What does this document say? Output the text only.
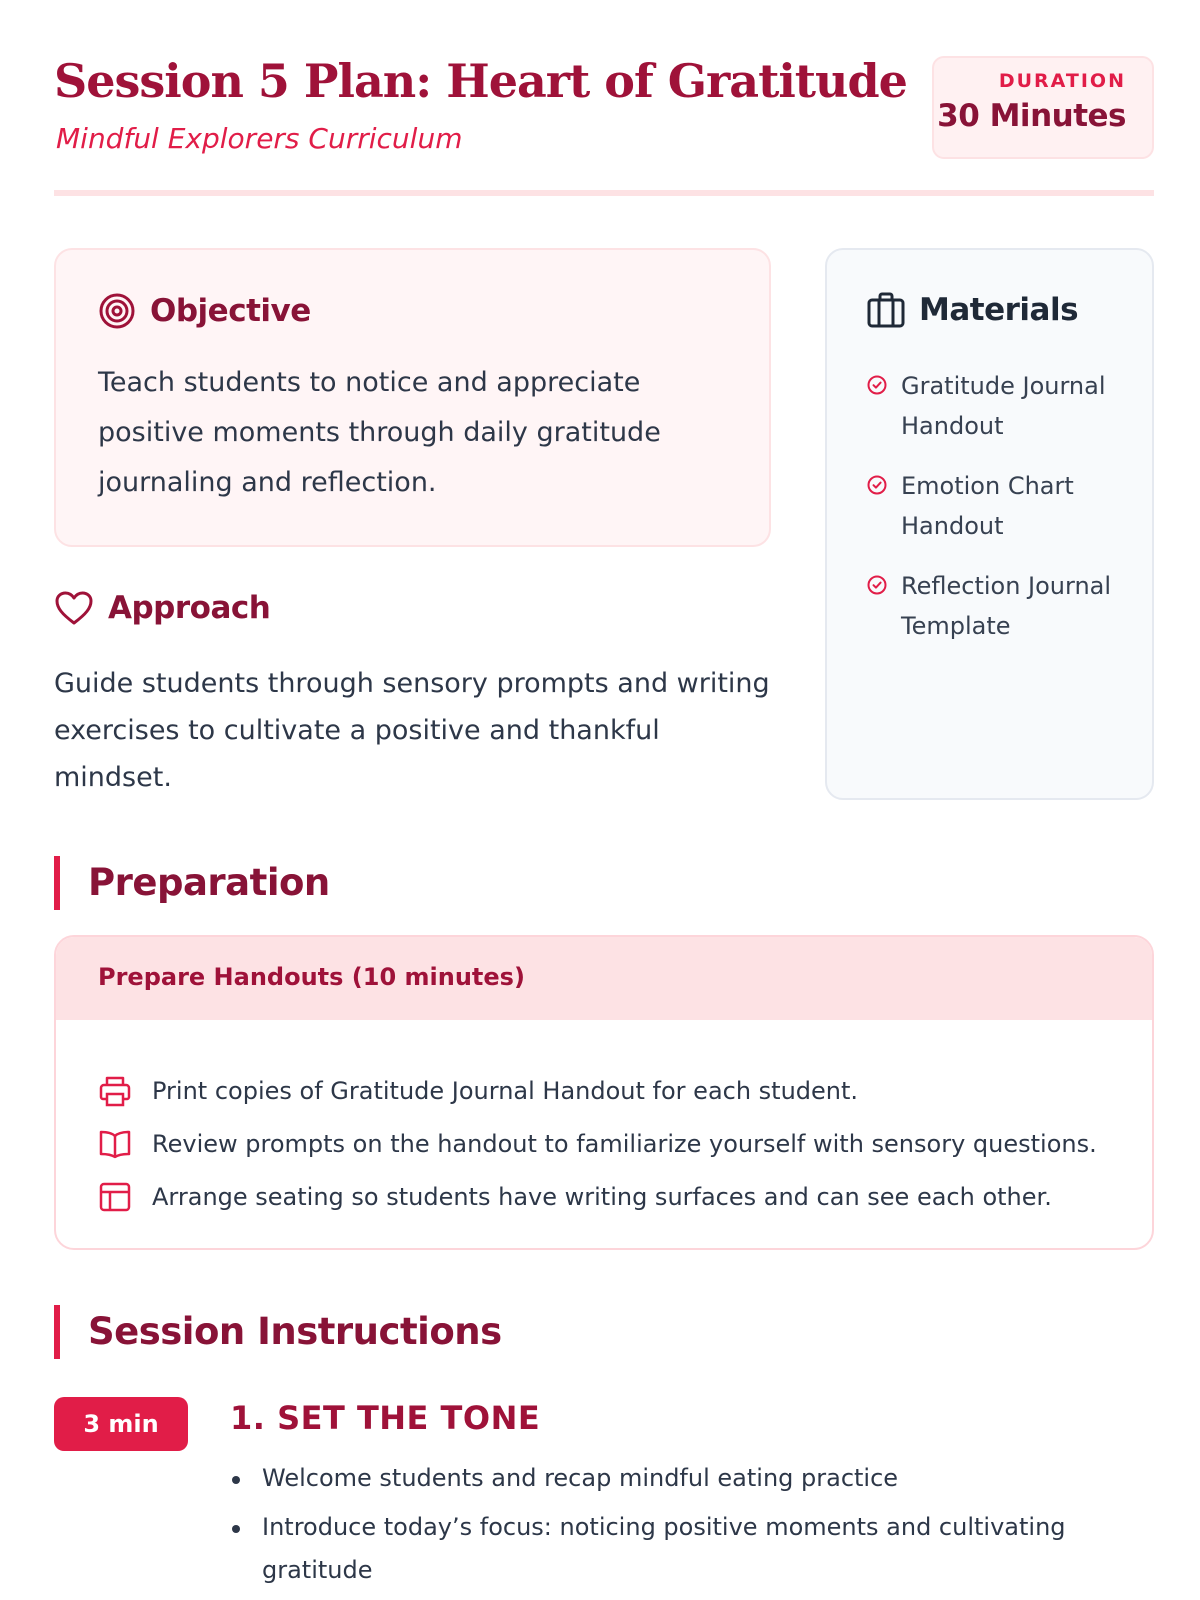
Session 5 Plan: Heart of Gratitude
Mindful Explorers Curriculum
DURATION
30 Minutes
Objective

Teach students to notice and appreciate positive moments through daily gratitude journaling and reflection.

Materials
Gratitude Journal Handout
Emotion Chart Handout
Reflection Journal Template
Approach

Guide students through sensory prompts and writing exercises to cultivate a positive and thankful mindset.

Preparation
Prepare Handouts (10 minutes)
Print copies of Gratitude Journal Handout for each student.
Review prompts on the handout to familiarize yourself with sensory questions.
Arrange seating so students have writing surfaces and can see each other.
Session Instructions
3 min	1. SET THE TONE
Welcome students and recap mindful eating practice
Introduce today’s focus: noticing positive moments and cultivating gratitude
